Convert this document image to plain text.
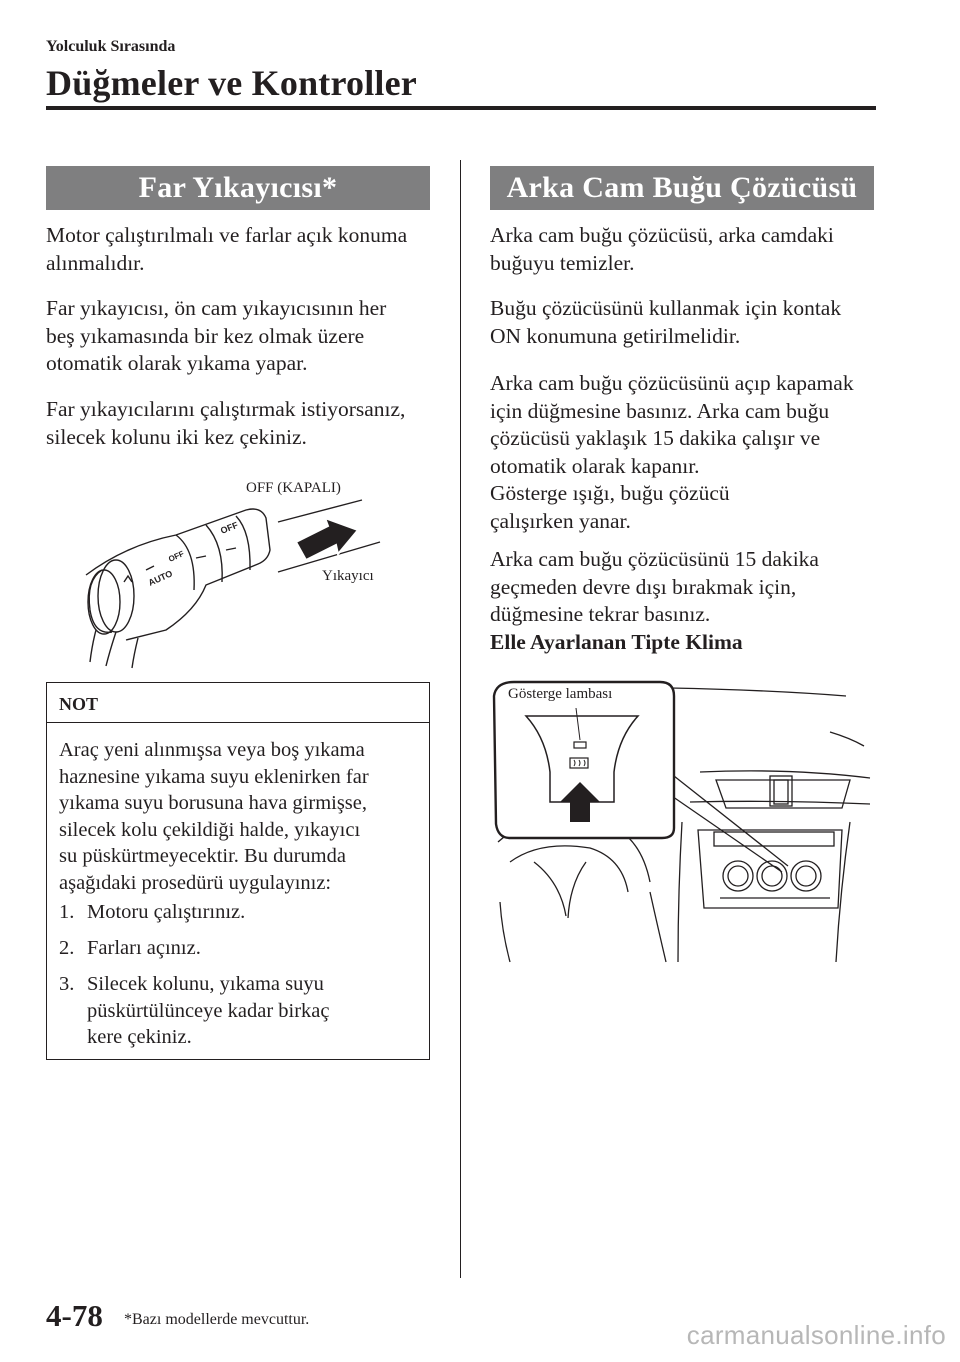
Yolculuk Sırasında
Düğmeler ve Kontroller
Far Yıkayıcısı*
Motor çalıştırılmalı ve farlar açık konuma
alınmalıdır.
Far yıkayıcısı, ön cam yıkayıcısının her
beş yıkamasında bir kez olmak üzere
otomatik olarak yıkama yapar.
Far yıkayıcılarını çalıştırmak istiyorsanız,
silecek kolunu iki kez çekiniz.
OFF
AUTO
OFF
OFF (KAPALI)
Yıkayıcı
NOT
Araç yeni alınmışsa veya boş yıkama
haznesine yıkama suyu eklenirken far
yıkama suyu borusuna hava girmişse,
silecek kolu çekildiği halde, yıkayıcı
su püskürtmeyecektir. Bu durumda
aşağıdaki prosedürü uygulayınız:
1. Motoru çalıştırınız.
2. Farları açınız.
3. Silecek kolunu, yıkama suyu
püskürtülünceye kadar birkaç
kere çekiniz.
Arka Cam Buğu Çözücüsü
Arka cam buğu çözücüsü, arka camdaki
buğuyu temizler.
Buğu çözücüsünü kullanmak için kontak
ON konumuna getirilmelidir.
Arka cam buğu çözücüsünü açıp kapamak
için düğmesine basınız. Arka cam buğu
çözücüsü yaklaşık 15 dakika çalışır ve
otomatik olarak kapanır.
Gösterge ışığı, buğu çözücü
çalışırken yanar.
Arka cam buğu çözücüsünü 15 dakika
geçmeden devre dışı bırakmak için,
düğmesine tekrar basınız.
Elle Ayarlanan Tipte Klima
Gösterge lambası
4-78 *Bazı modellerde mevcuttur.
carmanualsonline.info
